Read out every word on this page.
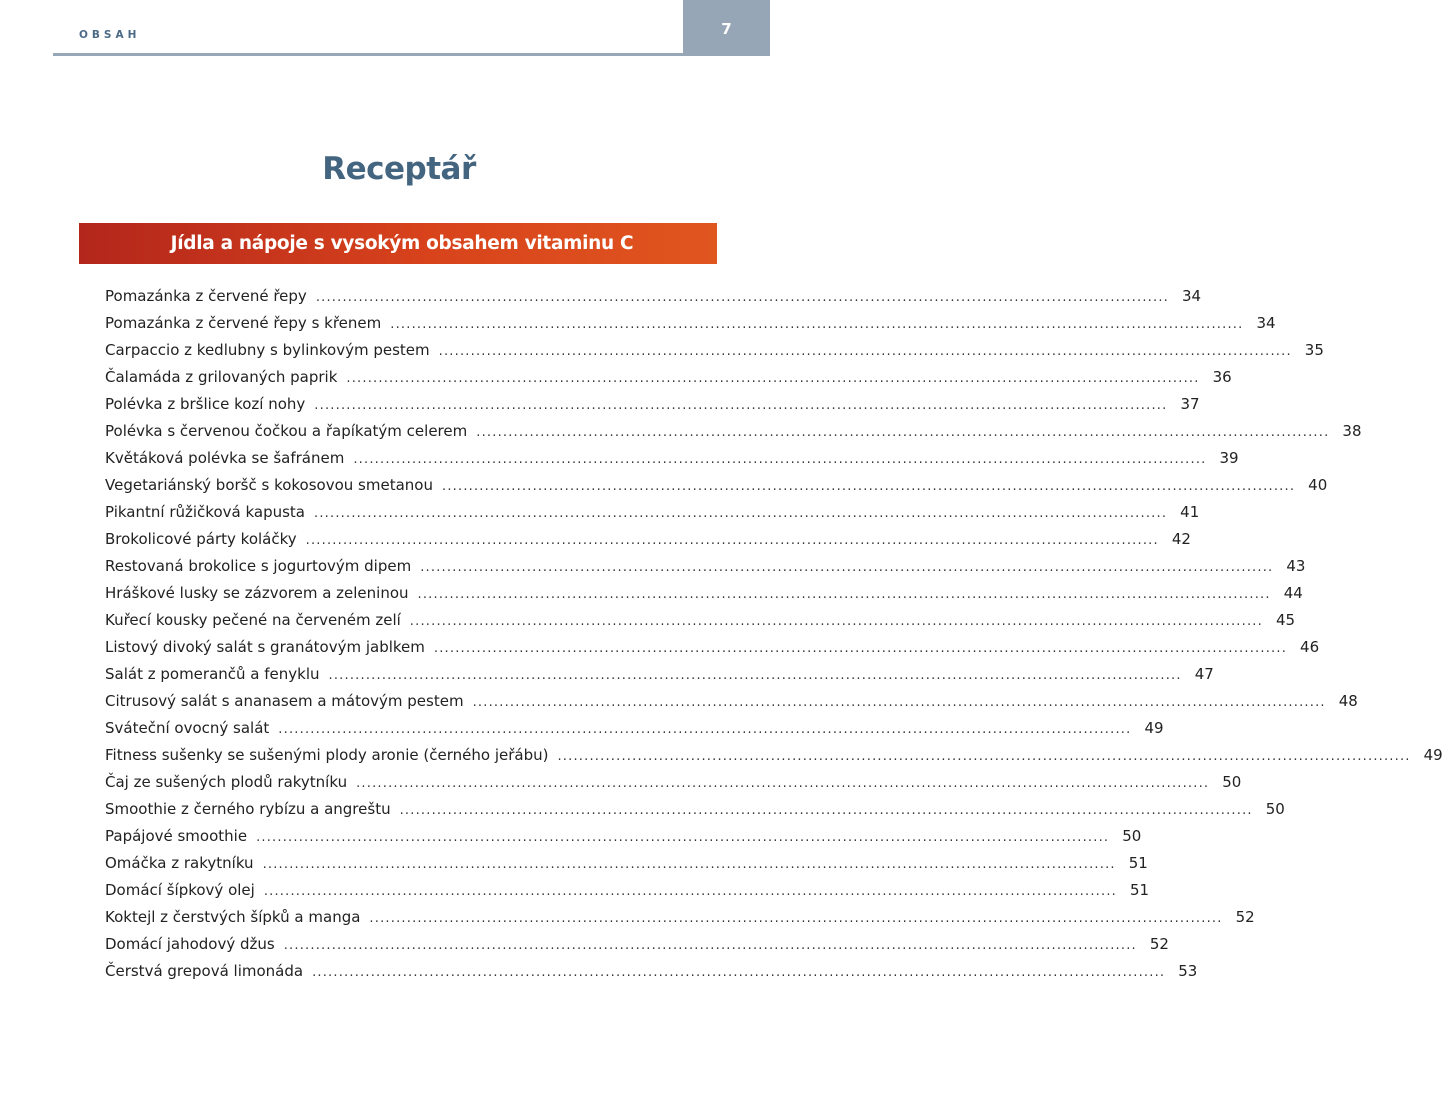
OBSAH	7
Receptář
Jídla a nápoje s vysokým obsahem vitaminu C
Pomazánka z červené řepy ................................................................................................................................................................ 34
Pomazánka z červené řepy s křenem ................................................................................................................................................................ 34
Carpaccio z kedlubny s bylinkovým pestem ................................................................................................................................................................ 35
Čalamáda z grilovaných paprik ................................................................................................................................................................ 36
Polévka z bršlice kozí nohy ................................................................................................................................................................ 37
Polévka s červenou čočkou a řapíkatým celerem ................................................................................................................................................................ 38
Květáková polévka se šafránem ................................................................................................................................................................ 39
Vegetariánský boršč s kokosovou smetanou ................................................................................................................................................................ 40
Pikantní růžičková kapusta ................................................................................................................................................................ 41
Brokolicové párty koláčky ................................................................................................................................................................ 42
Restovaná brokolice s jogurtovým dipem ................................................................................................................................................................ 43
Hráškové lusky se zázvorem a zeleninou ................................................................................................................................................................ 44
Kuřecí kousky pečené na červeném zelí ................................................................................................................................................................ 45
Listový divoký salát s granátovým jablkem ................................................................................................................................................................ 46
Salát z pomerančů a fenyklu ................................................................................................................................................................ 47
Citrusový salát s ananasem a mátovým pestem ................................................................................................................................................................ 48
Sváteční ovocný salát ................................................................................................................................................................ 49
Fitness sušenky se sušenými plody aronie (černého jeřábu) ................................................................................................................................................................ 49
Čaj ze sušených plodů rakytníku ................................................................................................................................................................ 50
Smoothie z černého rybízu a angreštu ................................................................................................................................................................ 50
Papájové smoothie ................................................................................................................................................................ 50
Omáčka z rakytníku ................................................................................................................................................................ 51
Domácí šípkový olej ................................................................................................................................................................ 51
Koktejl z čerstvých šípků a manga ................................................................................................................................................................ 52
Domácí jahodový džus ................................................................................................................................................................ 52
Čerstvá grepová limonáda ................................................................................................................................................................ 53
